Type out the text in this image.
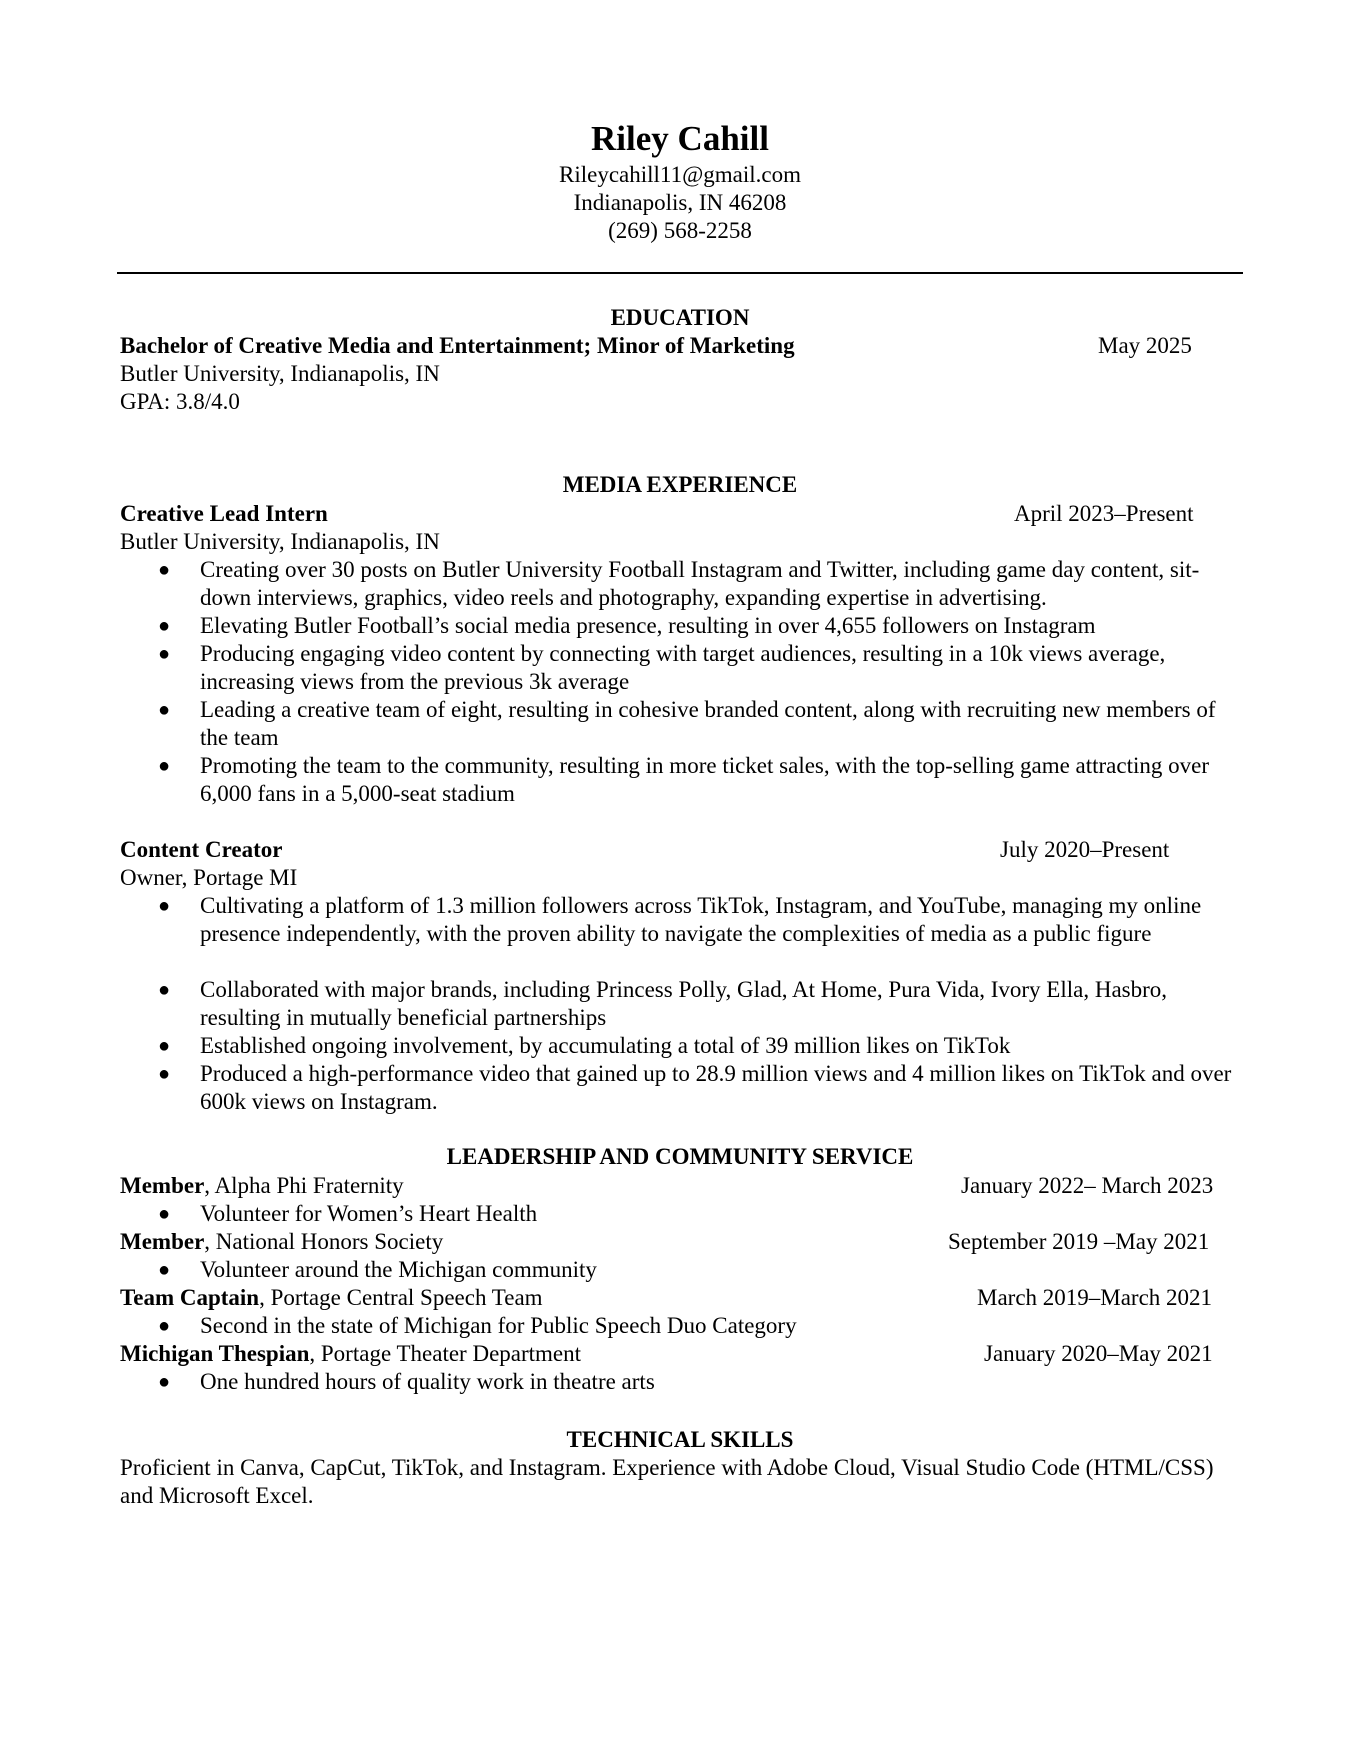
Riley Cahill
Rileycahill11@gmail.com
Indianapolis, IN 46208
(269) 568-2258
EDUCATION
Bachelor of Creative Media and Entertainment; Minor of Marketing	May 2025
Butler University, Indianapolis, IN
GPA: 3.8/4.0
MEDIA EXPERIENCE
Creative Lead Intern	April 2023–Present
Butler University, Indianapolis, IN
● Creating over 30 posts on Butler University Football Instagram and Twitter, including game day content, sit-down interviews, graphics, video reels and photography, expanding expertise in advertising.
● Elevating Butler Football’s social media presence, resulting in over 4,655 followers on Instagram
● Producing engaging video content by connecting with target audiences, resulting in a 10k views average, increasing views from the previous 3k average
● Leading a creative team of eight, resulting in cohesive branded content, along with recruiting new members of the team
● Promoting the team to the community, resulting in more ticket sales, with the top-selling game attracting over 6,000 fans in a 5,000-seat stadium
Content Creator	July 2020–Present
Owner, Portage MI
● Cultivating a platform of 1.3 million followers across TikTok, Instagram, and YouTube, managing my online presence independently, with the proven ability to navigate the complexities of media as a public figure
● Collaborated with major brands, including Princess Polly, Glad, At Home, Pura Vida, Ivory Ella, Hasbro, resulting in mutually beneficial partnerships
● Established ongoing involvement, by accumulating a total of 39 million likes on TikTok
● Produced a high-performance video that gained up to 28.9 million views and 4 million likes on TikTok and over 600k views on Instagram.
LEADERSHIP AND COMMUNITY SERVICE
Member, Alpha Phi Fraternity	January 2022– March 2023
● Volunteer for Women’s Heart Health
Member, National Honors Society	September 2019 –May 2021
● Volunteer around the Michigan community
Team Captain, Portage Central Speech Team	March 2019–March 2021
● Second in the state of Michigan for Public Speech Duo Category
Michigan Thespian, Portage Theater Department	January 2020–May 2021
● One hundred hours of quality work in theatre arts
TECHNICAL SKILLS
Proficient in Canva, CapCut, TikTok, and Instagram. Experience with Adobe Cloud, Visual Studio Code (HTML/CSS) and Microsoft Excel.
